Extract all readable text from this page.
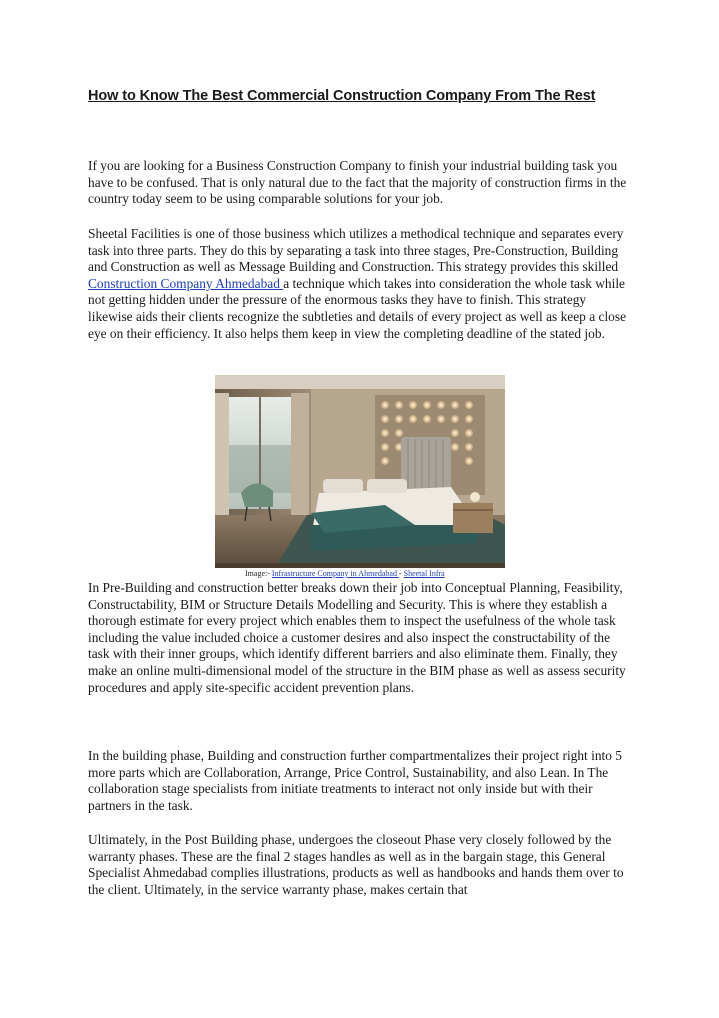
How to Know The Best Commercial Construction Company From The Rest

If you are looking for a Business Construction Company to finish your industrial building task you have to be confused. That is only natural due to the fact that the majority of construction firms in the country today seem to be using comparable solutions for your job.

Sheetal Facilities is one of those business which utilizes a methodical technique and separates every task into three parts. They do this by separating a task into three stages, Pre-Construction, Building and Construction as well as Message Building and Construction. This strategy provides this skilled Construction Company Ahmedabad a technique which takes into consideration the whole task while not getting hidden under the pressure of the enormous tasks they have to finish. This strategy likewise aids their clients recognize the subtleties and details of every project as well as keep a close eye on their efficiency. It also helps them keep in view the completing deadline of the stated job.

Image:- Infrastructure Company in Ahmedabad - Sheetal Infra

In Pre-Building and construction better breaks down their job into Conceptual Planning, Feasibility, Constructability, BIM or Structure Details Modelling and Security. This is where they establish a thorough estimate for every project which enables them to inspect the usefulness of the whole task including the value included choice a customer desires and also inspect the constructability of the task with their inner groups, which identify different barriers and also eliminate them. Finally, they make an online multi-dimensional model of the structure in the BIM phase as well as assess security procedures and apply site-specific accident prevention plans.

In the building phase, Building and construction further compartmentalizes their project right into 5 more parts which are Collaboration, Arrange, Price Control, Sustainability, and also Lean. In The collaboration stage specialists from initiate treatments to interact not only inside but with their partners in the task.

Ultimately, in the Post Building phase, undergoes the closeout Phase very closely followed by the warranty phases. These are the final 2 stages handles as well as in the bargain stage, this General Specialist Ahmedabad complies illustrations, products as well as handbooks and hands them over to the client. Ultimately, in the service warranty phase, makes certain that
